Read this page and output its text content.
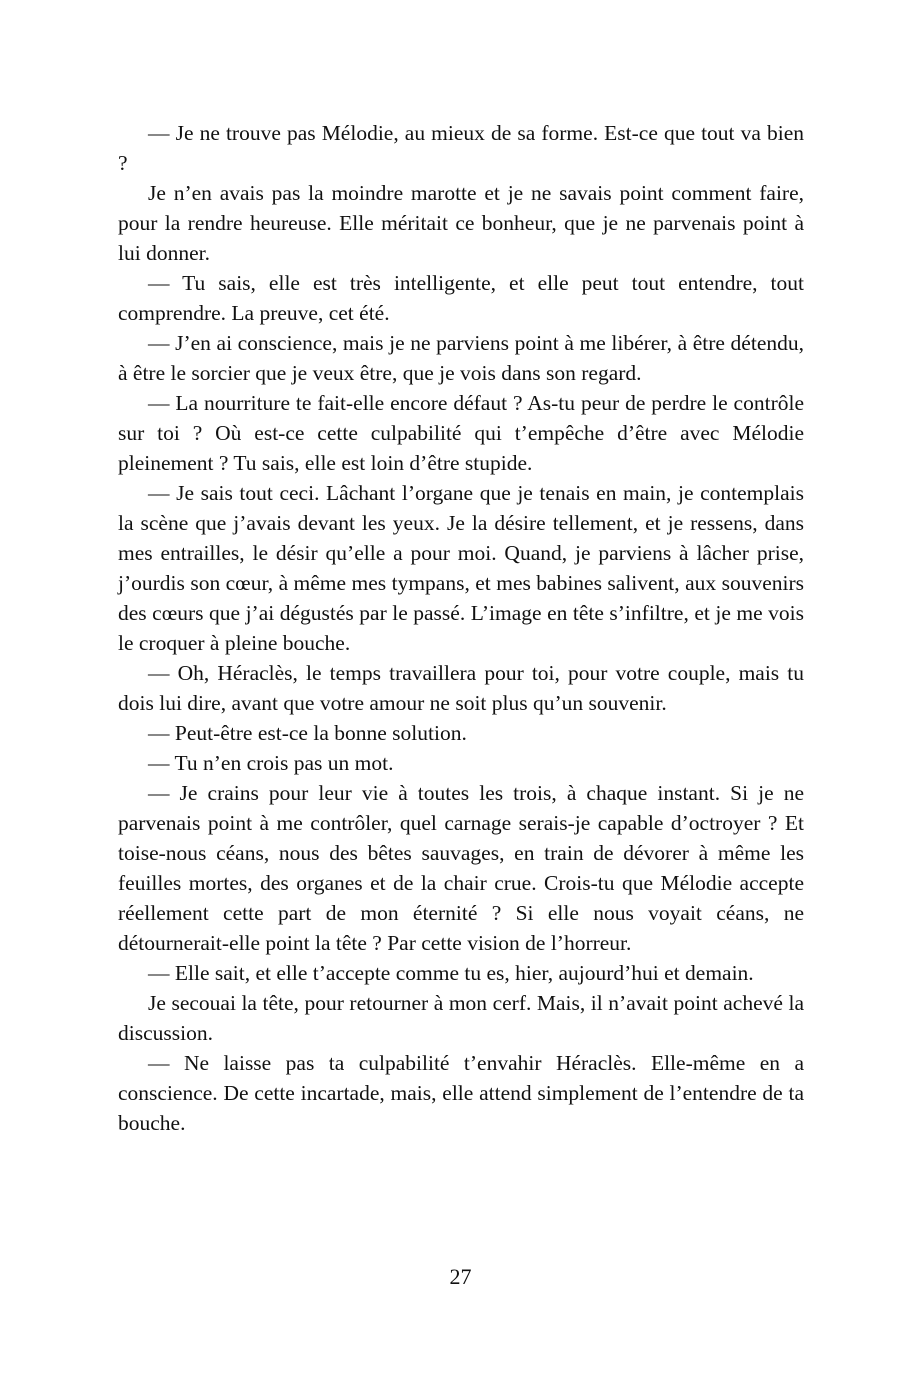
— Je ne trouve pas Mélodie, au mieux de sa forme. Est-ce que tout va bien ?

Je n’en avais pas la moindre marotte et je ne savais point comment faire, pour la rendre heureuse. Elle méritait ce bonheur, que je ne parvenais point à lui donner.

— Tu sais, elle est très intelligente, et elle peut tout entendre, tout comprendre. La preuve, cet été.

— J’en ai conscience, mais je ne parviens point à me libérer, à être détendu, à être le sorcier que je veux être, que je vois dans son regard.

— La nourriture te fait-elle encore défaut ? As-tu peur de perdre le contrôle sur toi ? Où est-ce cette culpabilité qui t’empêche d’être avec Mélodie pleinement ? Tu sais, elle est loin d’être stupide.

— Je sais tout ceci. Lâchant l’organe que je tenais en main, je contemplais la scène que j’avais devant les yeux. Je la désire tellement, et je ressens, dans mes entrailles, le désir qu’elle a pour moi. Quand, je parviens à lâcher prise, j’ourdis son cœur, à même mes tympans, et mes babines salivent, aux souvenirs des cœurs que j’ai dégustés par le passé. L’image en tête s’infiltre, et je me vois le croquer à pleine bouche.

— Oh, Héraclès, le temps travaillera pour toi, pour votre couple, mais tu dois lui dire, avant que votre amour ne soit plus qu’un souvenir.

— Peut-être est-ce la bonne solution.

— Tu n’en crois pas un mot.

— Je crains pour leur vie à toutes les trois, à chaque instant. Si je ne parvenais point à me contrôler, quel carnage serais-je capable d’octroyer ? Et toise-nous céans, nous des bêtes sauvages, en train de dévorer à même les feuilles mortes, des organes et de la chair crue. Crois-tu que Mélodie accepte réellement cette part de mon éternité ? Si elle nous voyait céans, ne détournerait-elle point la tête ? Par cette vision de l’horreur.

— Elle sait, et elle t’accepte comme tu es, hier, aujourd’hui et demain.

Je secouai la tête, pour retourner à mon cerf. Mais, il n’avait point achevé la discussion.

— Ne laisse pas ta culpabilité t’envahir Héraclès. Elle-même en a conscience. De cette incartade, mais, elle attend simplement de l’entendre de ta bouche.

27
